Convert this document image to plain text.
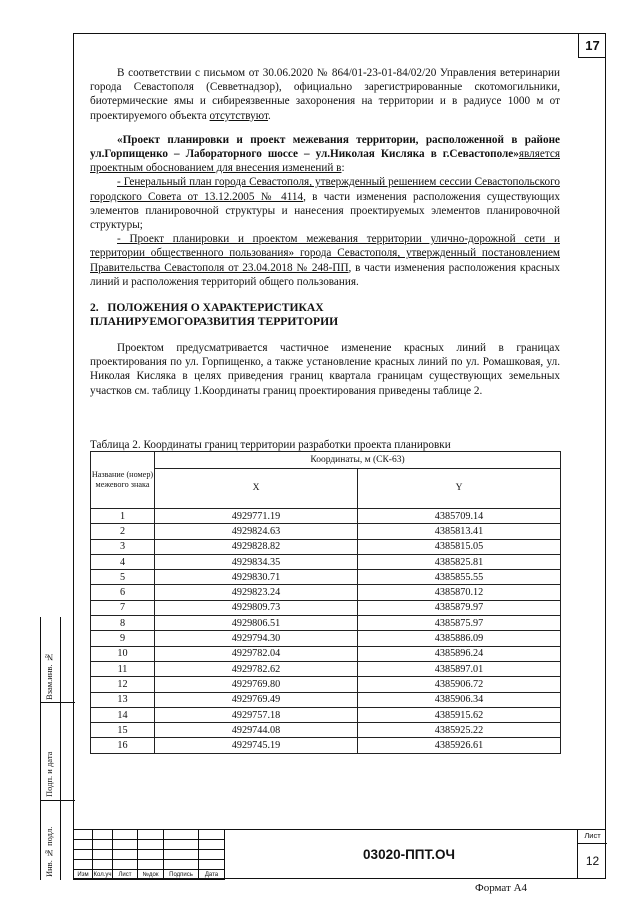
17
Взам.инв. №
Подп. и дата
Инв. № подл.

В соответствии с письмом от 30.06.2020 № 864/01-23-01-84/02/20 Управления ветеринарии города Севастополя (Севветнадзор), официально зарегистрированные скотомогильники, биотермические ямы и сибиреязвенные захоронения на территории и в радиусе 1000 м от проектируемого объекта отсутствуют.

«Проект планировки и проект межевания территории, расположенной в районе ул.Горпищенко – Лабораторного шоссе – ул.Николая Кисляка в г.Севастополе»является проектным обоснованием для внесения изменений в:

- Генеральный план города Севастополя, утвержденный решением сессии Севастопольского городского Совета от 13.12.2005 № 4114, в части изменения расположения существующих элементов планировочной структуры и нанесения проектируемых элементов планировочной структуры;

- Проект планировки и проектом межевания территории улично-дорожной сети и территории общественного пользования» города Севастополя, утвержденный постановлением Правительства Севастополя от 23.04.2018 № 248-ПП, в части изменения расположения красных линий и расположения территорий общего пользования.

2. ПОЛОЖЕНИЯ О ХАРАКТЕРИСТИКАХ

ПЛАНИРУЕМОГОРАЗВИТИЯ ТЕРРИТОРИИ

Проектом предусматривается частичное изменение красных линий в границах проектирования по ул. Горпищенко, а также установление красных линий по ул. Ромашковая, ул. Николая Кисляка в целях приведения границ квартала границам существующих земельных участков см. таблицу 1.Координаты границ проектирования приведены таблице 2.

Таблица 2. Координаты границ территории разработки проекта планировки
Название (номер) межевого знака	Координаты, м (СК-63)	
	X	Y
1	4929771.19	4385709.14
2	4929824.63	4385813.41
3	4929828.82	4385815.05
4	4929834.35	4385825.81
5	4929830.71	4385855.55
6	4929823.24	4385870.12
7	4929809.73	4385879.97
8	4929806.51	4385875.97
9	4929794.30	4385886.09
10	4929782.04	4385896.24
11	4929782.62	4385897.01
12	4929769.80	4385906.72
13	4929769.49	4385906.34
14	4929757.18	4385915.62
15	4929744.08	4385925.22
16	4929745.19	4385926.61

Изм	Кол.уч	Лист	№док	Подпись	Дата
03020-ППТ.ОЧ
Лист
12
Формат А4
